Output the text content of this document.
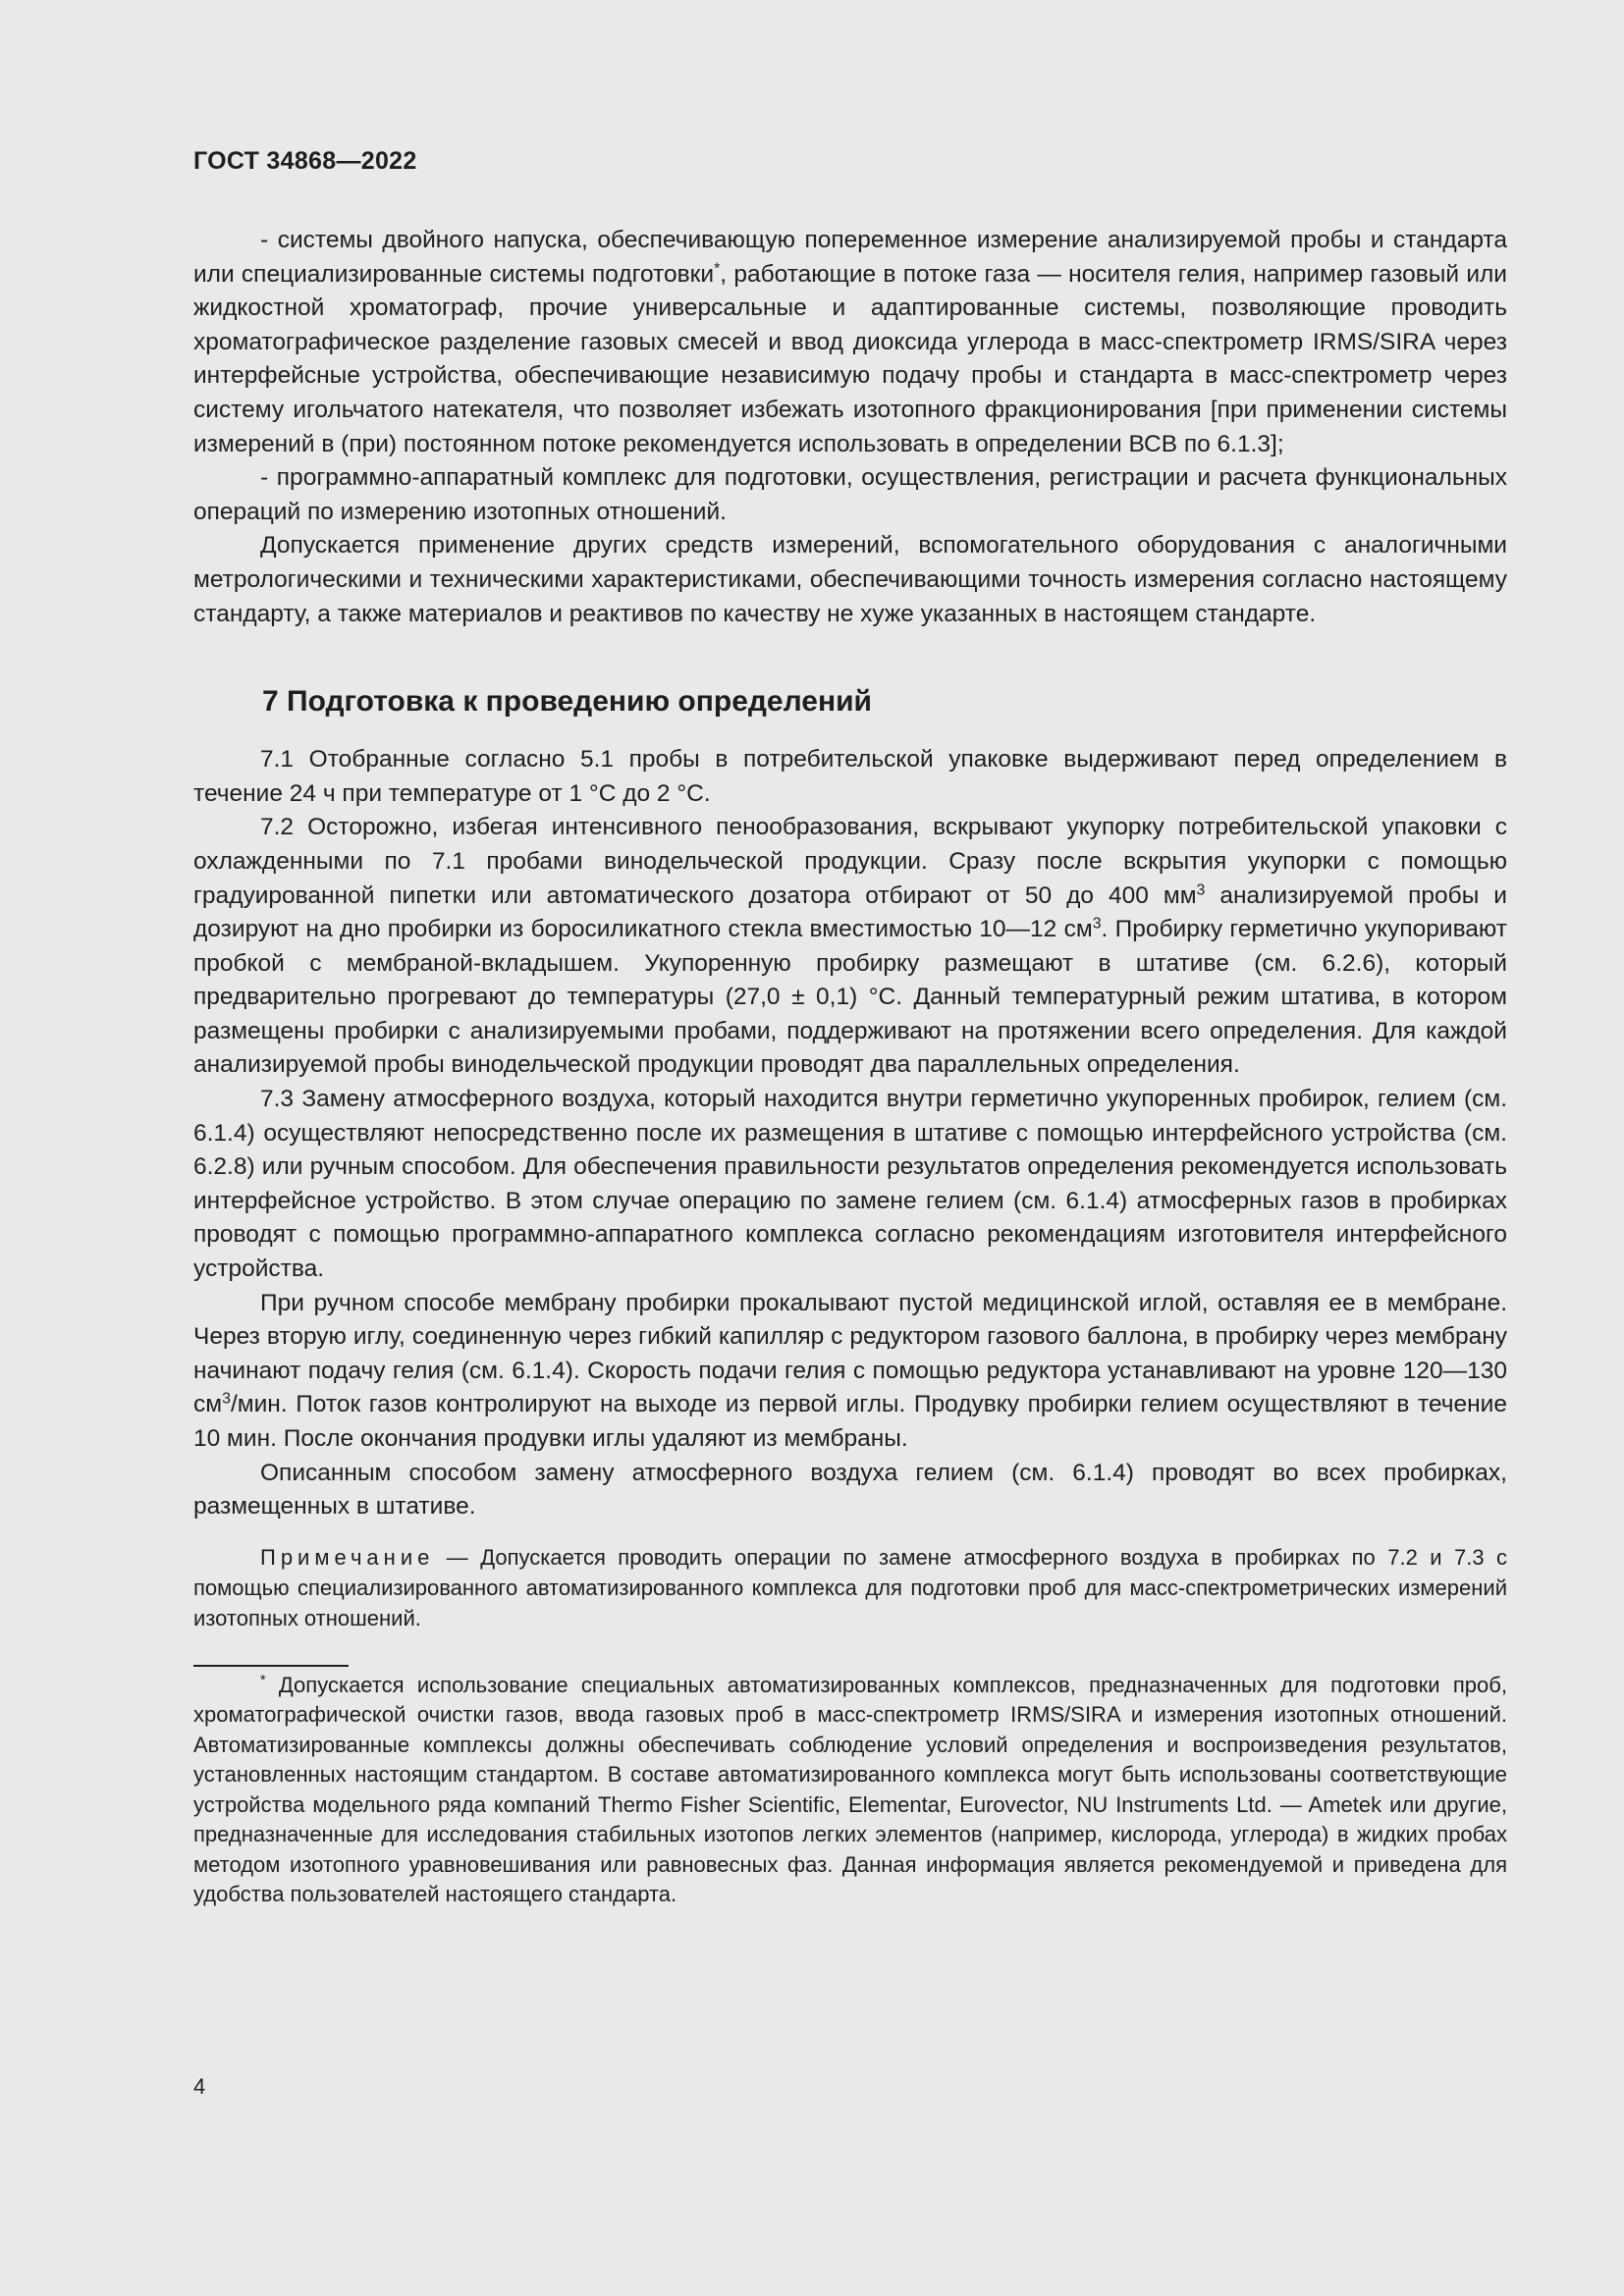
ГОСТ 34868—2022

- системы двойного напуска, обеспечивающую попеременное измерение анализируемой пробы и стандарта или специализированные системы подготовки*, работающие в потоке газа — носителя гелия, например газовый или жидкостной хроматограф, прочие универсальные и адаптированные системы, позволяющие проводить хроматографическое разделение газовых смесей и ввод диоксида углерода в масс-спектрометр IRMS/SIRA через интерфейсные устройства, обеспечивающие независимую подачу пробы и стандарта в масс-спектрометр через систему игольчатого натекателя, что позволяет избежать изотопного фракционирования [при применении системы измерений в (при) постоянном потоке рекомендуется использовать в определении ВСВ по 6.1.3];

- программно-аппаратный комплекс для подготовки, осуществления, регистрации и расчета функциональных операций по измерению изотопных отношений.

Допускается применение других средств измерений, вспомогательного оборудования с аналогичными метрологическими и техническими характеристиками, обеспечивающими точность измерения согласно настоящему стандарту, а также материалов и реактивов по качеству не хуже указанных в настоящем стандарте.

7 Подготовка к проведению определений

7.1 Отобранные согласно 5.1 пробы в потребительской упаковке выдерживают перед определением в течение 24 ч при температуре от 1 °С до 2 °С.

7.2 Осторожно, избегая интенсивного пенообразования, вскрывают укупорку потребительской упаковки с охлажденными по 7.1 пробами винодельческой продукции. Сразу после вскрытия укупорки с помощью градуированной пипетки или автоматического дозатора отбирают от 50 до 400 $мм^3$ анализируемой пробы и дозируют на дно пробирки из боросиликатного стекла вместимостью 10—12 $см^3$. Пробирку герметично укупоривают пробкой с мембраной-вкладышем. Укупоренную пробирку размещают в штативе (см. 6.2.6), который предварительно прогревают до температуры (27,0 ± 0,1) °С. Данный температурный режим штатива, в котором размещены пробирки с анализируемыми пробами, поддерживают на протяжении всего определения. Для каждой анализируемой пробы винодельческой продукции проводят два параллельных определения.

7.3 Замену атмосферного воздуха, который находится внутри герметично укупоренных пробирок, гелием (см. 6.1.4) осуществляют непосредственно после их размещения в штативе с помощью интерфейсного устройства (см. 6.2.8) или ручным способом. Для обеспечения правильности результатов определения рекомендуется использовать интерфейсное устройство. В этом случае операцию по замене гелием (см. 6.1.4) атмосферных газов в пробирках проводят с помощью программно-аппаратного комплекса согласно рекомендациям изготовителя интерфейсного устройства.

При ручном способе мембрану пробирки прокалывают пустой медицинской иглой, оставляя ее в мембране. Через вторую иглу, соединенную через гибкий капилляр с редуктором газового баллона, в пробирку через мембрану начинают подачу гелия (см. 6.1.4). Скорость подачи гелия с помощью редуктора устанавливают на уровне 120—130 $см^3$/мин. Поток газов контролируют на выходе из первой иглы. Продувку пробирки гелием осуществляют в течение 10 мин. После окончания продувки иглы удаляют из мембраны.

Описанным способом замену атмосферного воздуха гелием (см. 6.1.4) проводят во всех пробирках, размещенных в штативе.

Примечание — Допускается проводить операции по замене атмосферного воздуха в пробирках по 7.2 и 7.3 с помощью специализированного автоматизированного комплекса для подготовки проб для масс-спектрометрических измерений изотопных отношений.
* Допускается использование специальных автоматизированных комплексов, предназначенных для подготовки проб, хроматографической очистки газов, ввода газовых проб в масс-спектрометр IRMS/SIRA и измерения изотопных отношений. Автоматизированные комплексы должны обеспечивать соблюдение условий определения и воспроизведения результатов, установленных настоящим стандартом. В составе автоматизированного комплекса могут быть использованы соответствующие устройства модельного ряда компаний Thermo Fisher Scientific, Elementar, Eurovector, NU Instruments Ltd. — Ametek или другие, предназначенные для исследования стабильных изотопов легких элементов (например, кислорода, углерода) в жидких пробах методом изотопного уравновешивания или равновесных фаз. Данная информация является рекомендуемой и приведена для удобства пользователей настоящего стандарта.
4
